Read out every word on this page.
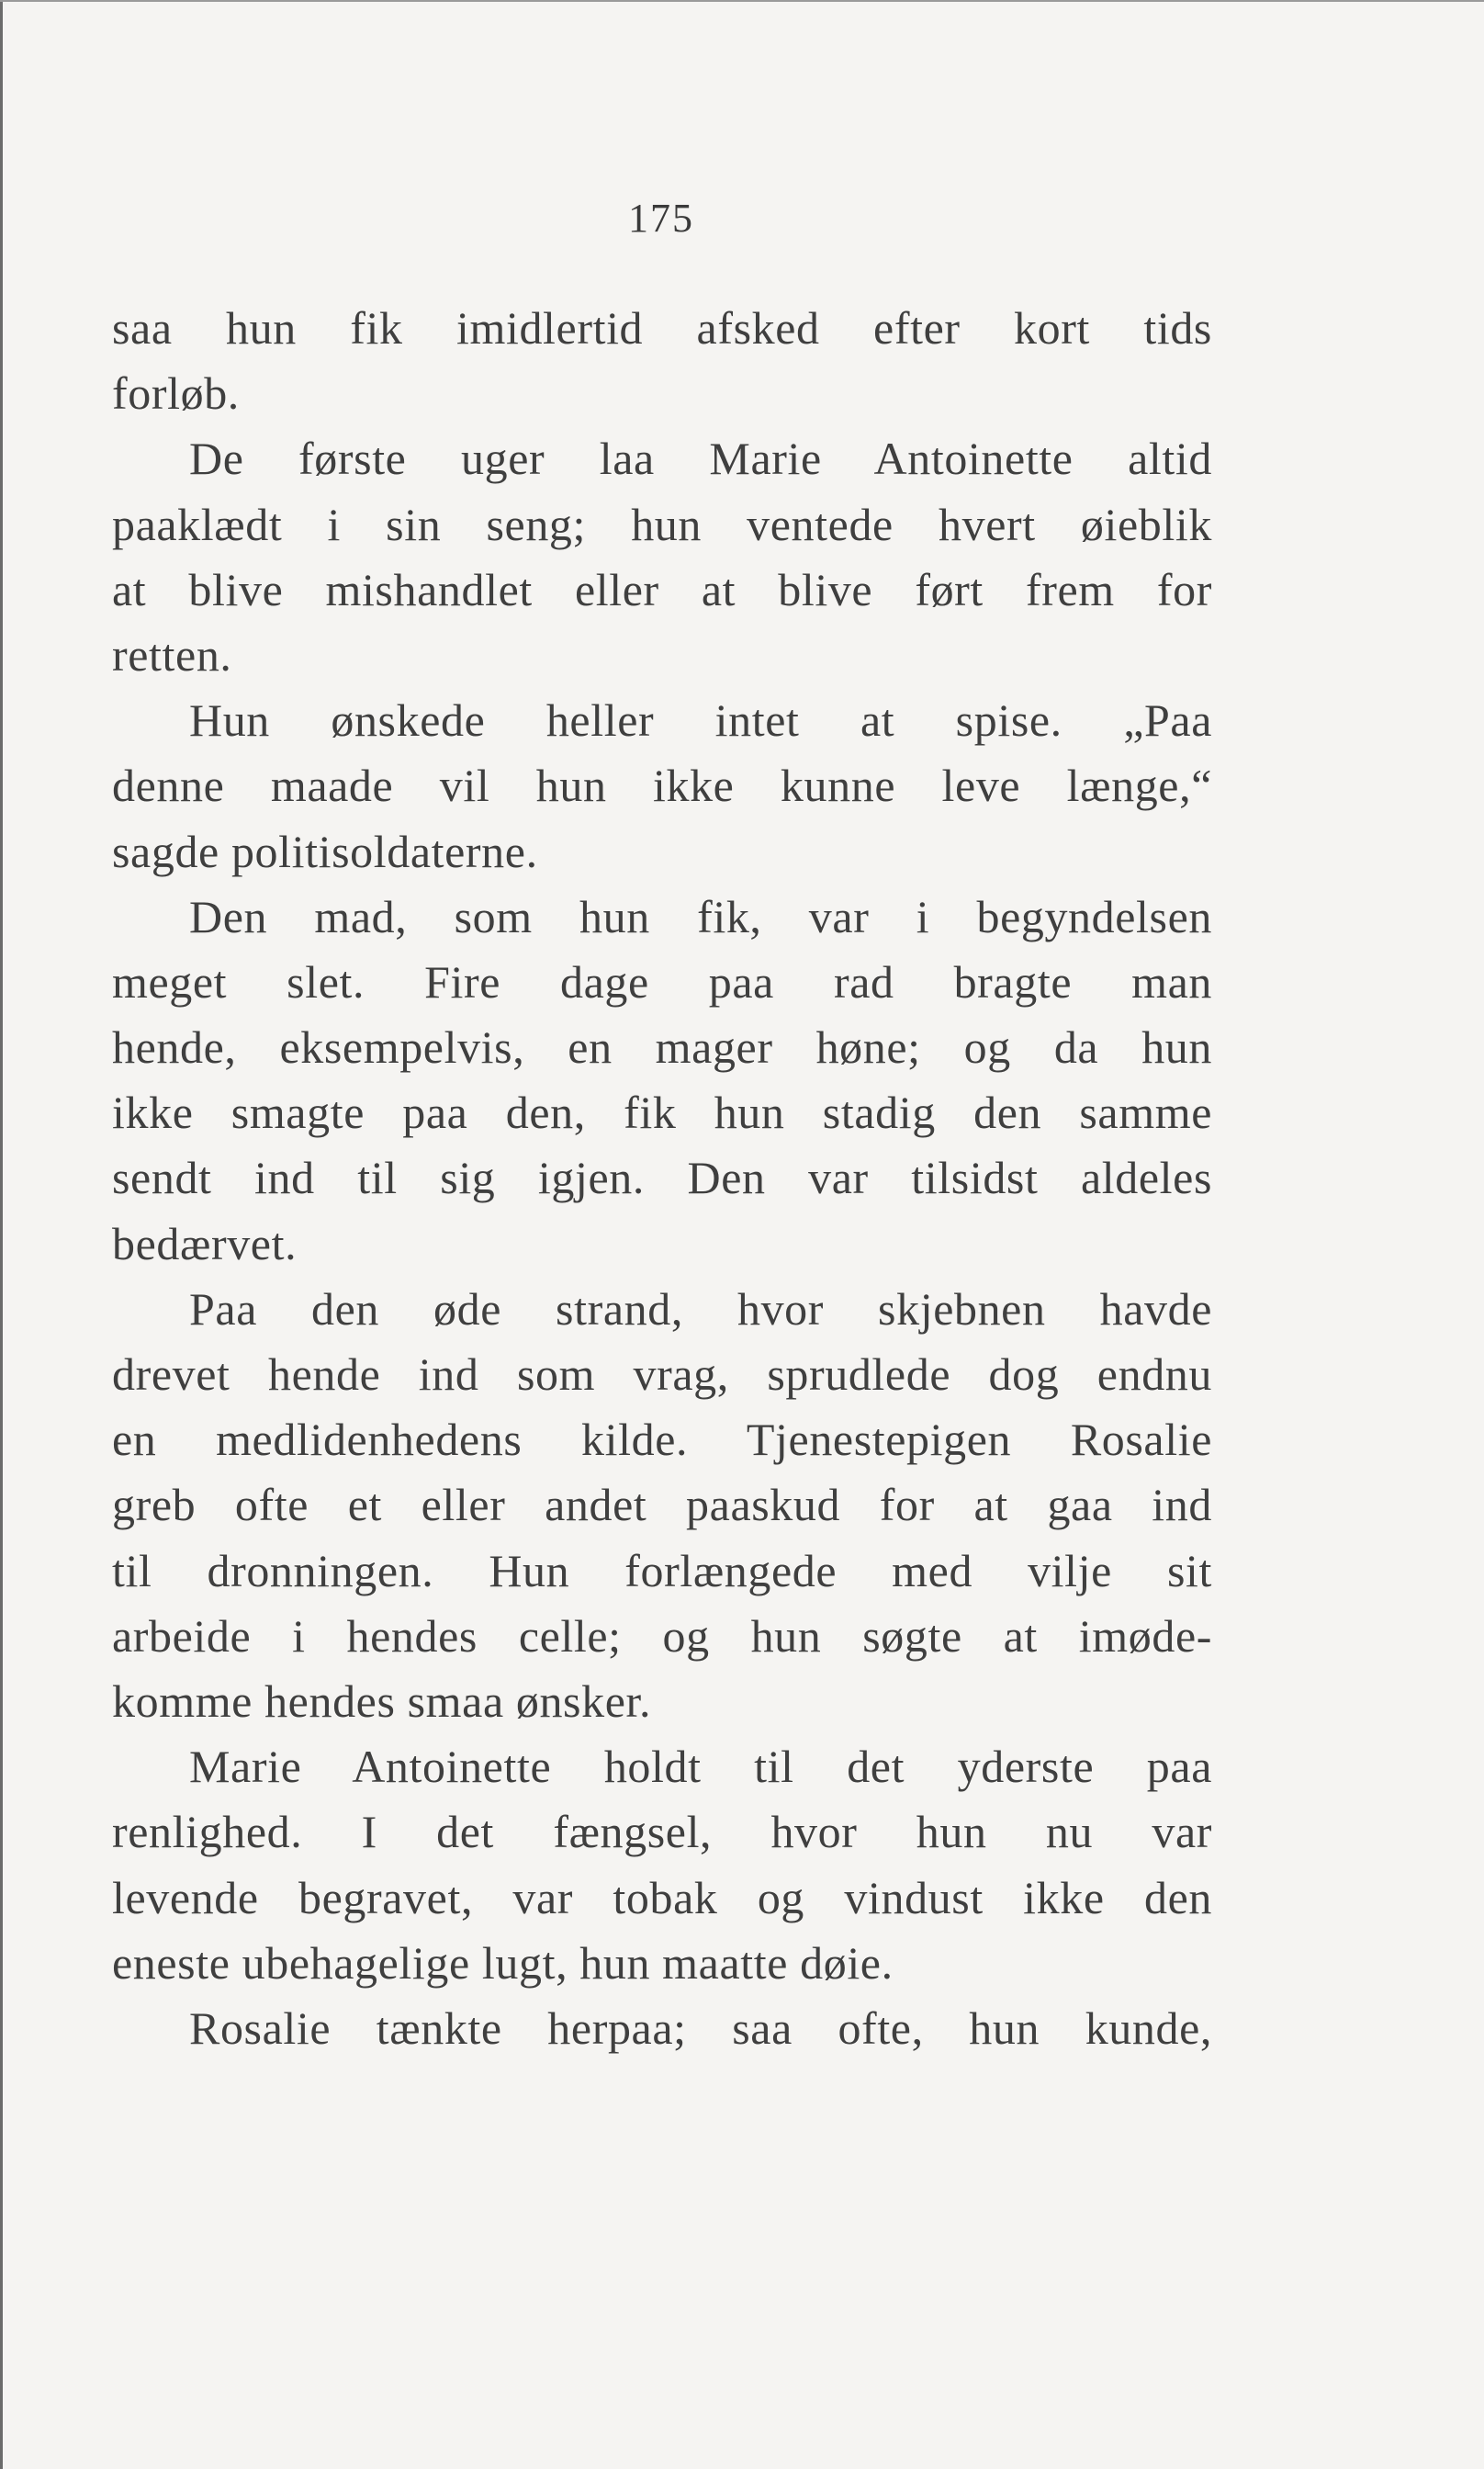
175
saa hun fik imidlertid afsked efter kort tids
forløb.
De første uger laa Marie Antoinette altid
paaklædt i sin seng; hun ventede hvert øieblik
at blive mishandlet eller at blive ført frem for
retten.
Hun ønskede heller intet at spise. „Paa
denne maade vil hun ikke kunne leve længe,“
sagde politisoldaterne.
Den mad, som hun fik, var i begyndelsen
meget slet. Fire dage paa rad bragte man
hende, eksempelvis, en mager høne; og da hun
ikke smagte paa den, fik hun stadig den samme
sendt ind til sig igjen. Den var tilsidst aldeles
bedærvet.
Paa den øde strand, hvor skjebnen havde
drevet hende ind som vrag, sprudlede dog endnu
en medlidenhedens kilde. Tjenestepigen Rosalie
greb ofte et eller andet paaskud for at gaa ind
til dronningen. Hun forlængede med vilje sit
arbeide i hendes celle; og hun søgte at imøde-
komme hendes smaa ønsker.
Marie Antoinette holdt til det yderste paa
renlighed. I det fængsel, hvor hun nu var
levende begravet, var tobak og vindust ikke den
eneste ubehagelige lugt, hun maatte døie.
Rosalie tænkte herpaa; saa ofte, hun kunde,
